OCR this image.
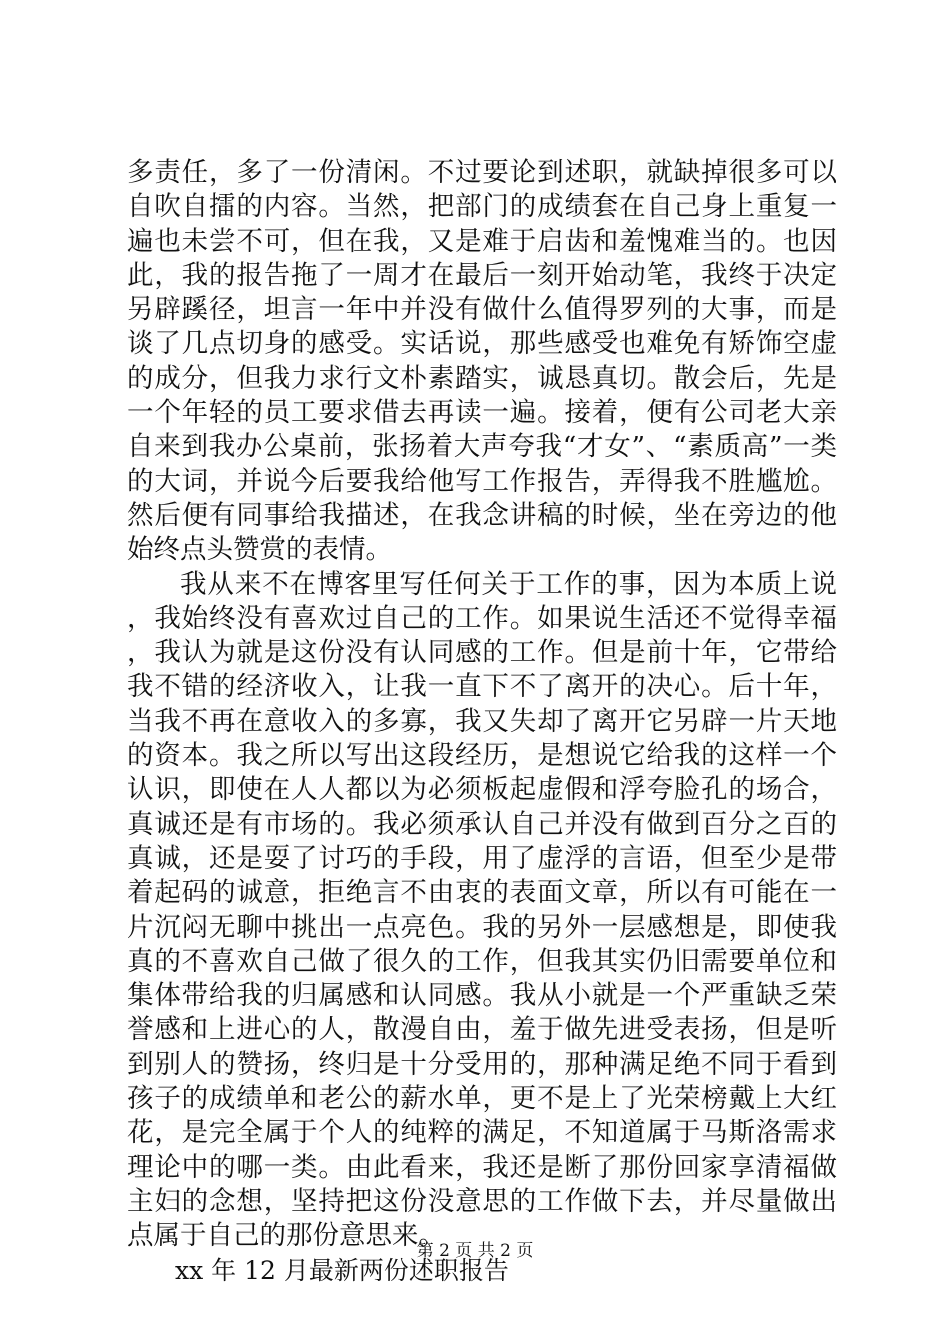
多责任，多了一份清闲。不过要论到述职，就缺掉很多可以自吹自擂的内容。当然，把部门的成绩套在自己身上重复一遍也未尝不可，但在我，又是难于启齿和羞愧难当的。也因此，我的报告拖了一周才在最后一刻开始动笔，我终于决定另辟蹊径，坦言一年中并没有做什么值得罗列的大事，而是谈了几点切身的感受。实话说，那些感受也难免有矫饰空虚的成分，但我力求行文朴素踏实，诚恳真切。散会后，先是一个年轻的员工要求借去再读一遍。接着，便有公司老大亲自来到我办公桌前，张扬着大声夸我“才女”、“素质高”一类的大词，并说今后要我给他写工作报告，弄得我不胜尴尬。然后便有同事给我描述，在我念讲稿的时候，坐在旁边的他始终点头赞赏的表情。

我从来不在博客里写任何关于工作的事，因为本质上说，我始终没有喜欢过自己的工作。如果说生活还不觉得幸福，我认为就是这份没有认同感的工作。但是前十年，它带给我不错的经济收入，让我一直下不了离开的决心。后十年，当我不再在意收入的多寡，我又失却了离开它另辟一片天地的资本。我之所以写出这段经历，是想说它给我的这样一个认识，即使在人人都以为必须板起虚假和浮夸脸孔的场合，真诚还是有市场的。我必须承认自己并没有做到百分之百的真诚，还是耍了讨巧的手段，用了虚浮的言语，但至少是带着起码的诚意，拒绝言不由衷的表面文章，所以有可能在一片沉闷无聊中挑出一点亮色。我的另外一层感想是，即使我真的不喜欢自己做了很久的工作，但我其实仍旧需要单位和集体带给我的归属感和认同感。我从小就是一个严重缺乏荣誉感和上进心的人，散漫自由，羞于做先进受表扬，但是听到别人的赞扬，终归是十分受用的，那种满足绝不同于看到孩子的成绩单和老公的薪水单，更不是上了光荣榜戴上大红花，是完全属于个人的纯粹的满足，不知道属于马斯洛需求理论中的哪一类。由此看来，我还是断了那份回家享清福做主妇的念想，坚持把这份没意思的工作做下去，并尽量做出点属于自己的那份意思来。

xx 年 12 月最新两份述职报告

第 2 页 共 2 页
